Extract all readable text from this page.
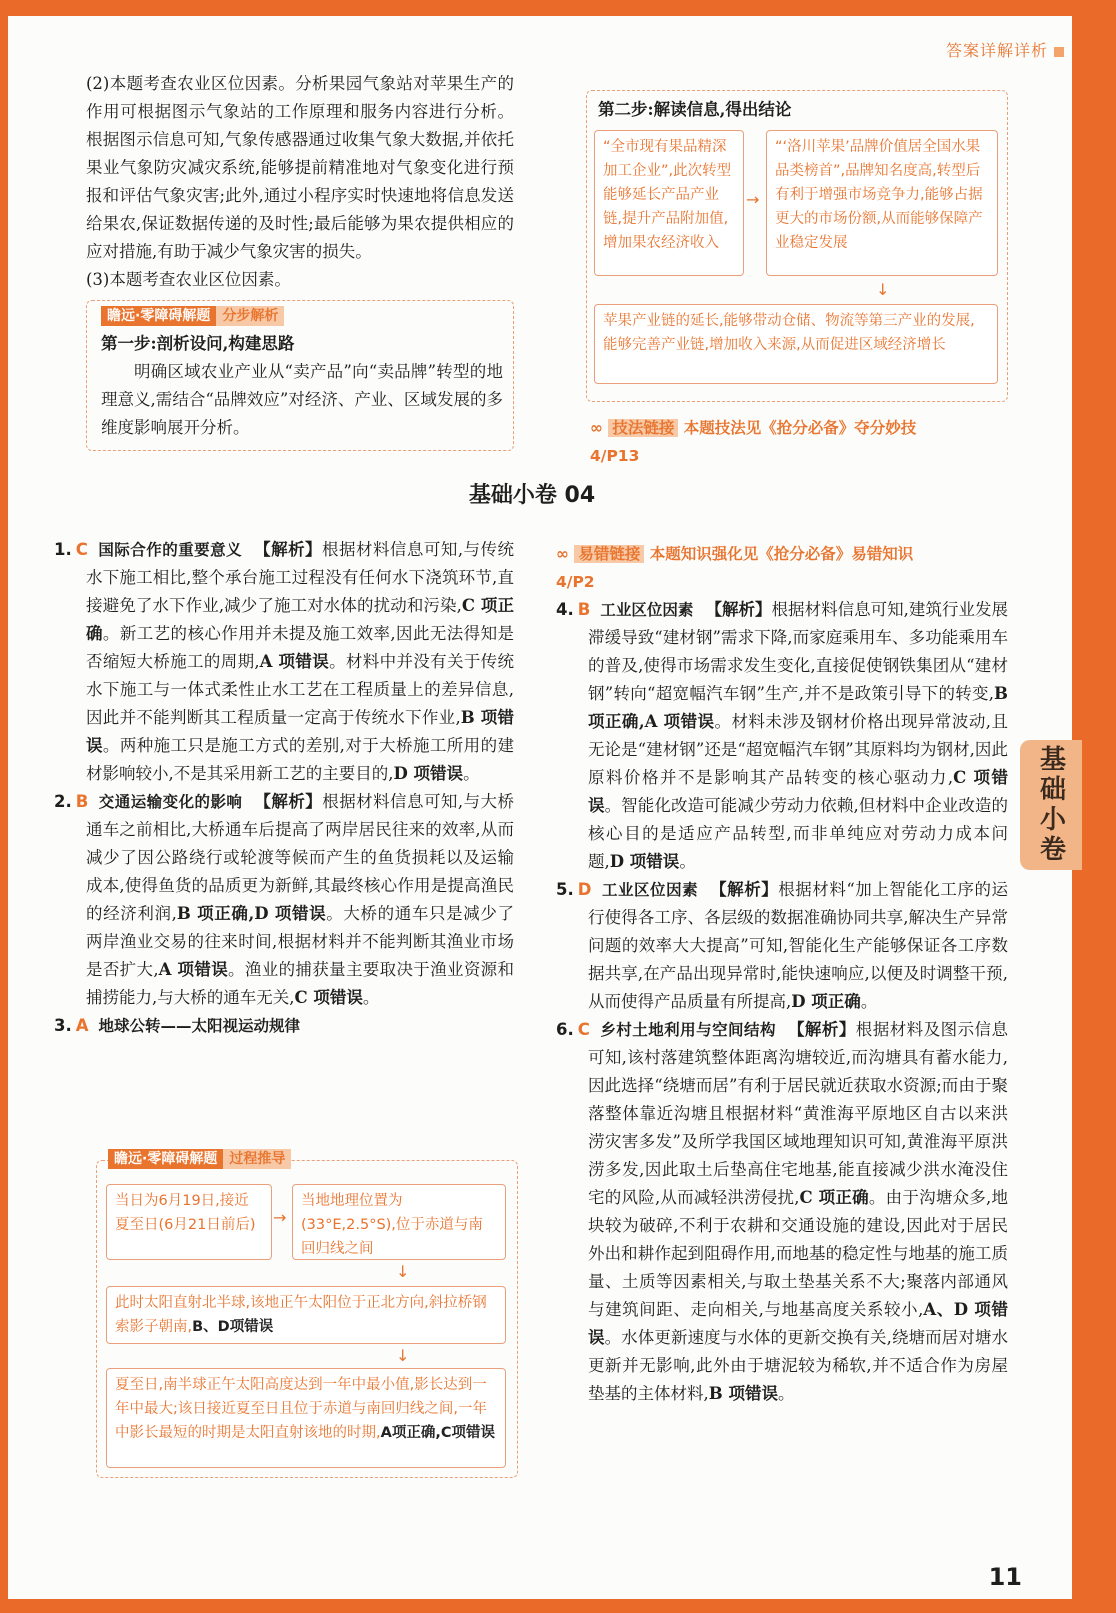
答案详解详析
基础小卷

(2)本题考查农业区位因素。分析果园气象站对苹果生产的作用可根据图示气象站的工作原理和服务内容进行分析。根据图示信息可知,气象传感器通过收集气象大数据,并依托果业气象防灾减灾系统,能够提前精准地对气象变化进行预报和评估气象灾害;此外,通过小程序实时快速地将信息发送给果农,保证数据传递的及时性;最后能够为果农提供相应的应对措施,有助于减少气象灾害的损失。

(3)本题考查农业区位因素。

瞻远·零障碍解题 分步解析

第一步:剖析设问,构建思路

明确区域农业产业从“卖产品”向“卖品牌”转型的地理意义,需结合“品牌效应”对经济、产业、区域发展的多维度影响展开分析。

第二步:解读信息,得出结论
“全市现有果品精深加工企业”,此次转型能够延长产品产业链,提升产品附加值,增加果农经济收入
→
“‘洛川苹果’品牌价值居全国水果品类榜首”,品牌知名度高,转型后有利于增强市场竞争力,能够占据更大的市场份额,从而能够保障产业稳定发展
↓
苹果产业链的延长,能够带动仓储、物流等第三产业的发展,能够完善产业链,增加收入来源,从而促进区域经济增长
∞ 技法链接 本题技法见《抢分必备》夺分妙技
4/P13
基础小卷 04

1. C 国际合作的重要意义 【解析】根据材料信息可知,与传统水下施工相比,整个承台施工过程没有任何水下浇筑环节,直接避免了水下作业,减少了施工对水体的扰动和污染,C 项正确。新工艺的核心作用并未提及施工效率,因此无法得知是否缩短大桥施工的周期,A 项错误。材料中并没有关于传统水下施工与一体式柔性止水工艺在工程质量上的差异信息,因此并不能判断其工程质量一定高于传统水下作业,B 项错误。两种施工只是施工方式的差别,对于大桥施工所用的建材影响较小,不是其采用新工艺的主要目的,D 项错误。

2. B 交通运输变化的影响 【解析】根据材料信息可知,与大桥通车之前相比,大桥通车后提高了两岸居民往来的效率,从而减少了因公路绕行或轮渡等候而产生的鱼货损耗以及运输成本,使得鱼货的品质更为新鲜,其最终核心作用是提高渔民的经济利润,B 项正确,D 项错误。大桥的通车只是减少了两岸渔业交易的往来时间,根据材料并不能判断其渔业市场是否扩大,A 项错误。渔业的捕获量主要取决于渔业资源和捕捞能力,与大桥的通车无关,C 项错误。

3. A 地球公转——太阳视运动规律

瞻远·零障碍解题 过程推导
当日为6月19日,接近夏至日(6月21日前后)	→
当地地理位置为(33°E,2.5°S),位于赤道与南回归线之间
↓
此时太阳直射北半球,该地正午太阳位于正北方向,斜拉桥钢索影子朝南,B、D项错误
↓
夏至日,南半球正午太阳高度达到一年中最小值,影长达到一年中最大;该日接近夏至日且位于赤道与南回归线之间,一年中影长最短的时期是太阳直射该地的时期,A项正确,C项错误
∞ 易错链接 本题知识强化见《抢分必备》易错知识
4/P2

4. B 工业区位因素 【解析】根据材料信息可知,建筑行业发展滞缓导致“建材钢”需求下降,而家庭乘用车、多功能乘用车的普及,使得市场需求发生变化,直接促使钢铁集团从“建材钢”转向“超宽幅汽车钢”生产,并不是政策引导下的转变,B 项正确,A 项错误。材料未涉及钢材价格出现异常波动,且无论是“建材钢”还是“超宽幅汽车钢”其原料均为钢材,因此原料价格并不是影响其产品转变的核心驱动力,C 项错误。智能化改造可能减少劳动力依赖,但材料中企业改造的核心目的是适应产品转型,而非单纯应对劳动力成本问题,D 项错误。

5. D 工业区位因素 【解析】根据材料“加上智能化工序的运行使得各工序、各层级的数据准确协同共享,解决生产异常问题的效率大大提高”可知,智能化生产能够保证各工序数据共享,在产品出现异常时,能快速响应,以便及时调整干预,从而使得产品质量有所提高,D 项正确。

6. C 乡村土地利用与空间结构 【解析】根据材料及图示信息可知,该村落建筑整体距离沟塘较近,而沟塘具有蓄水能力,因此选择“绕塘而居”有利于居民就近获取水资源;而由于聚落整体靠近沟塘且根据材料“黄淮海平原地区自古以来洪涝灾害多发”及所学我国区域地理知识可知,黄淮海平原洪涝多发,因此取土后垫高住宅地基,能直接减少洪水淹没住宅的风险,从而减轻洪涝侵扰,C 项正确。由于沟塘众多,地块较为破碎,不利于农耕和交通设施的建设,因此对于居民外出和耕作起到阻碍作用,而地基的稳定性与地基的施工质量、土质等因素相关,与取土垫基关系不大;聚落内部通风与建筑间距、走向相关,与地基高度关系较小,A、D 项错误。水体更新速度与水体的更新交换有关,绕塘而居对塘水更新并无影响,此外由于塘泥较为稀软,并不适合作为房屋垫基的主体材料,B 项错误。

11
